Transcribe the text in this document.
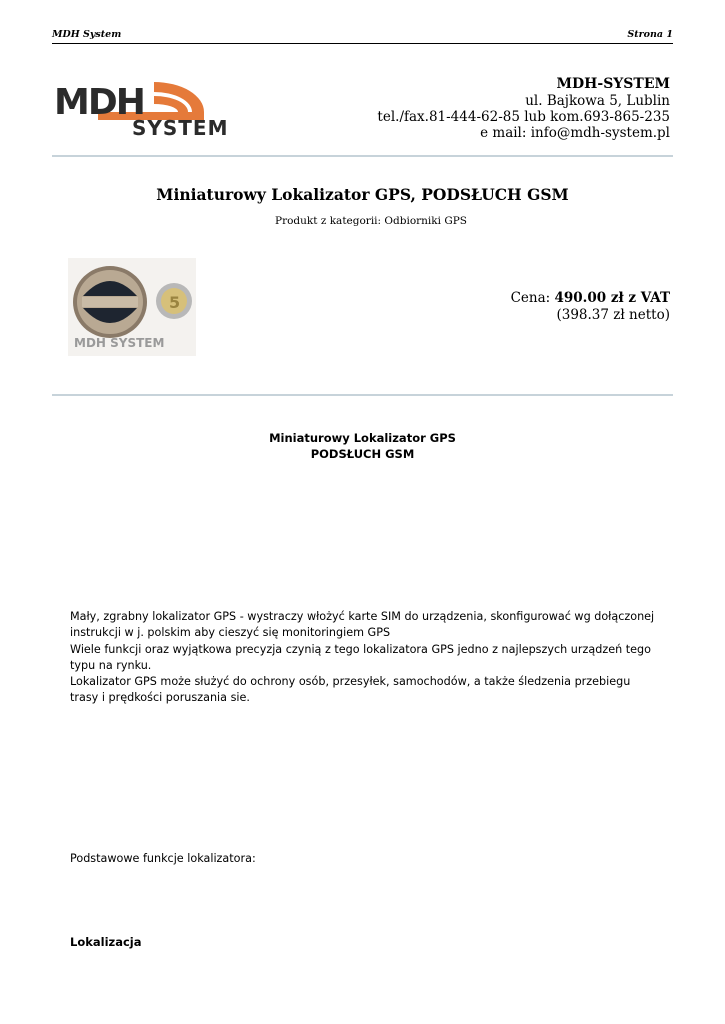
MDH System	Strona 1
MDH
SYSTEM
MDH-SYSTEM
ul. Bajkowa 5, Lublin
tel./fax.81-444-62-85 lub kom.693-865-235
e mail: info@mdh-system.pl
Miniaturowy Lokalizator GPS, PODSŁUCH GSM
Produkt z kategorii: Odbiorniki GPS
5
MDH SYSTEM
Cena: 490.00 zł z VAT
(398.37 zł netto)
Miniaturowy Lokalizator GPS
PODSŁUCH GSM

Mały, zgrabny lokalizator GPS - wystraczy włożyć karte SIM do urządzenia, skonfigurować wg dołączonej instrukcji w j. polskim aby cieszyć się monitoringiem GPS

Wiele funkcji oraz wyjątkowa precyzja czynią z tego lokalizatora GPS jedno z najlepszych urządzeń tego typu na rynku.

Lokalizator GPS może służyć do ochrony osób, przesyłek, samochodów, a także śledzenia przebiegu trasy i prędkości poruszania sie.

Podstawowe funkcje lokalizatora:
Lokalizacja
